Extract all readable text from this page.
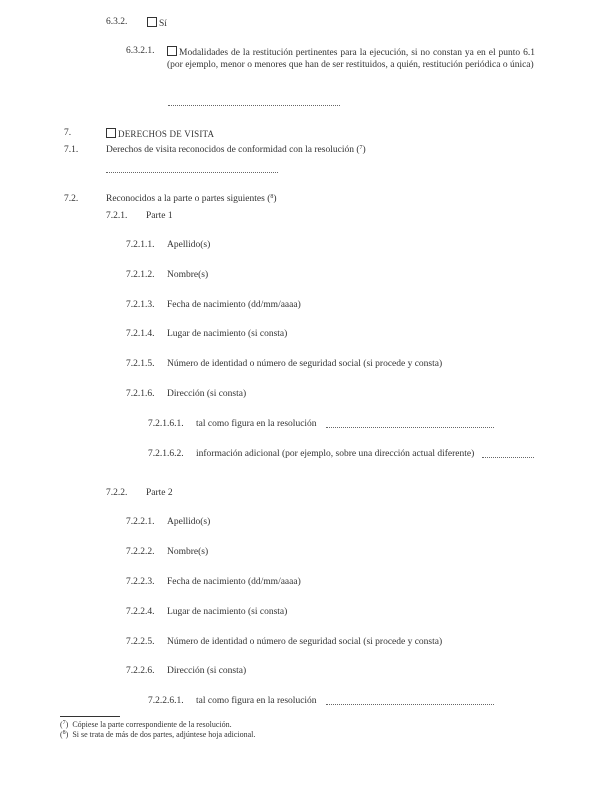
6.3.2.	Sí
6.3.2.1.	Modalidades de la restitución pertinentes para la ejecución, si no constan ya en el punto 6.1 (por ejemplo, menor o menores que han de ser restituidos, a quién, restitución periódica o única)
7.	DERECHOS DE VISITA
7.1.	Derechos de visita reconocidos de conformidad con la resolución ($^7$)
7.2.	Reconocidos a la parte o partes siguientes ($^8$)
7.2.1. Parte 1
7.2.1.1. Apellido(s)
7.2.1.2. Nombre(s)
7.2.1.3. Fecha de nacimiento (dd/mm/aaaa)
7.2.1.4. Lugar de nacimiento (si consta)
7.2.1.5. Número de identidad o número de seguridad social (si procede y consta)
7.2.1.6. Dirección (si consta)
7.2.1.6.1. tal como figura en la resolución
7.2.1.6.2. información adicional (por ejemplo, sobre una dirección actual diferente)
7.2.2. Parte 2
7.2.2.1. Apellido(s)
7.2.2.2. Nombre(s)
7.2.2.3. Fecha de nacimiento (dd/mm/aaaa)
7.2.2.4. Lugar de nacimiento (si consta)
7.2.2.5. Número de identidad o número de seguridad social (si procede y consta)
7.2.2.6. Dirección (si consta)
7.2.2.6.1. tal como figura en la resolución
($^7$)  Cópiese la parte correspondiente de la resolución.
($^8$)  Si se trata de más de dos partes, adjúntese hoja adicional.
